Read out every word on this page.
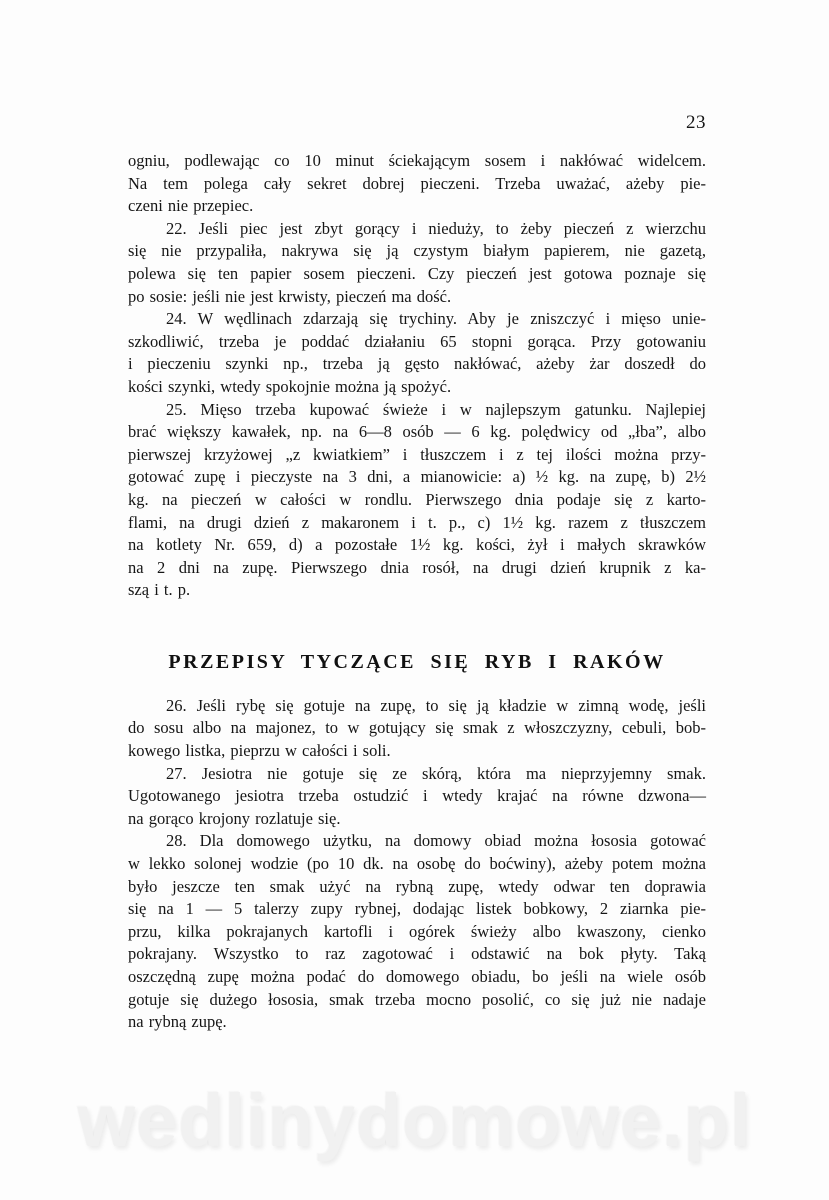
23
ogniu, podlewając co 10 minut ściekającym sosem i nakłówać widelcem.
Na tem polega cały sekret dobrej pieczeni. Trzeba uważać, ażeby pie-
czeni nie przepiec.
22. Jeśli piec jest zbyt gorący i nieduży, to żeby pieczeń z wierzchu
się nie przypaliła, nakrywa się ją czystym białym papierem, nie gazetą,
polewa się ten papier sosem pieczeni. Czy pieczeń jest gotowa poznaje się
po sosie: jeśli nie jest krwisty, pieczeń ma dość.
24. W wędlinach zdarzają się trychiny. Aby je zniszczyć i mięso unie-
szkodliwić, trzeba je poddać działaniu 65 stopni gorąca. Przy gotowaniu
i pieczeniu szynki np., trzeba ją gęsto nakłówać, ażeby żar doszedł do
kości szynki, wtedy spokojnie można ją spożyć.
25. Mięso trzeba kupować świeże i w najlepszym gatunku. Najlepiej
brać większy kawałek, np. na 6—8 osób — 6 kg. polędwicy od „łba”, albo
pierwszej krzyżowej „z kwiatkiem” i tłuszczem i z tej ilości można przy-
gotować zupę i pieczyste na 3 dni, a mianowicie: a) ½ kg. na zupę, b) 2½
kg. na pieczeń w całości w rondlu. Pierwszego dnia podaje się z karto-
flami, na drugi dzień z makaronem i t. p., c) 1½ kg. razem z tłuszczem
na kotlety Nr. 659, d) a pozostałe 1½ kg. kości, żył i małych skrawków
na 2 dni na zupę. Pierwszego dnia rosół, na drugi dzień krupnik z ka-
szą i t. p.
PRZEPISY TYCZĄCE SIĘ RYB I RAKÓW
26. Jeśli rybę się gotuje na zupę, to się ją kładzie w zimną wodę, jeśli
do sosu albo na majonez, to w gotujący się smak z włoszczyzny, cebuli, bob-
kowego listka, pieprzu w całości i soli.
27. Jesiotra nie gotuje się ze skórą, która ma nieprzyjemny smak.
Ugotowanego jesiotra trzeba ostudzić i wtedy krajać na równe dzwona—
na gorąco krojony rozlatuje się.
28. Dla domowego użytku, na domowy obiad można łososia gotować
w lekko solonej wodzie (po 10 dk. na osobę do boćwiny), ażeby potem można
było jeszcze ten smak użyć na rybną zupę, wtedy odwar ten doprawia
się na 1 — 5 talerzy zupy rybnej, dodając listek bobkowy, 2 ziarnka pie-
przu, kilka pokrajanych kartofli i ogórek świeży albo kwaszony, cienko
pokrajany. Wszystko to raz zagotować i odstawić na bok płyty. Taką
oszczędną zupę można podać do domowego obiadu, bo jeśli na wiele osób
gotuje się dużego łososia, smak trzeba mocno posolić, co się już nie nadaje
na rybną zupę.
wedlinydomowe.pl
